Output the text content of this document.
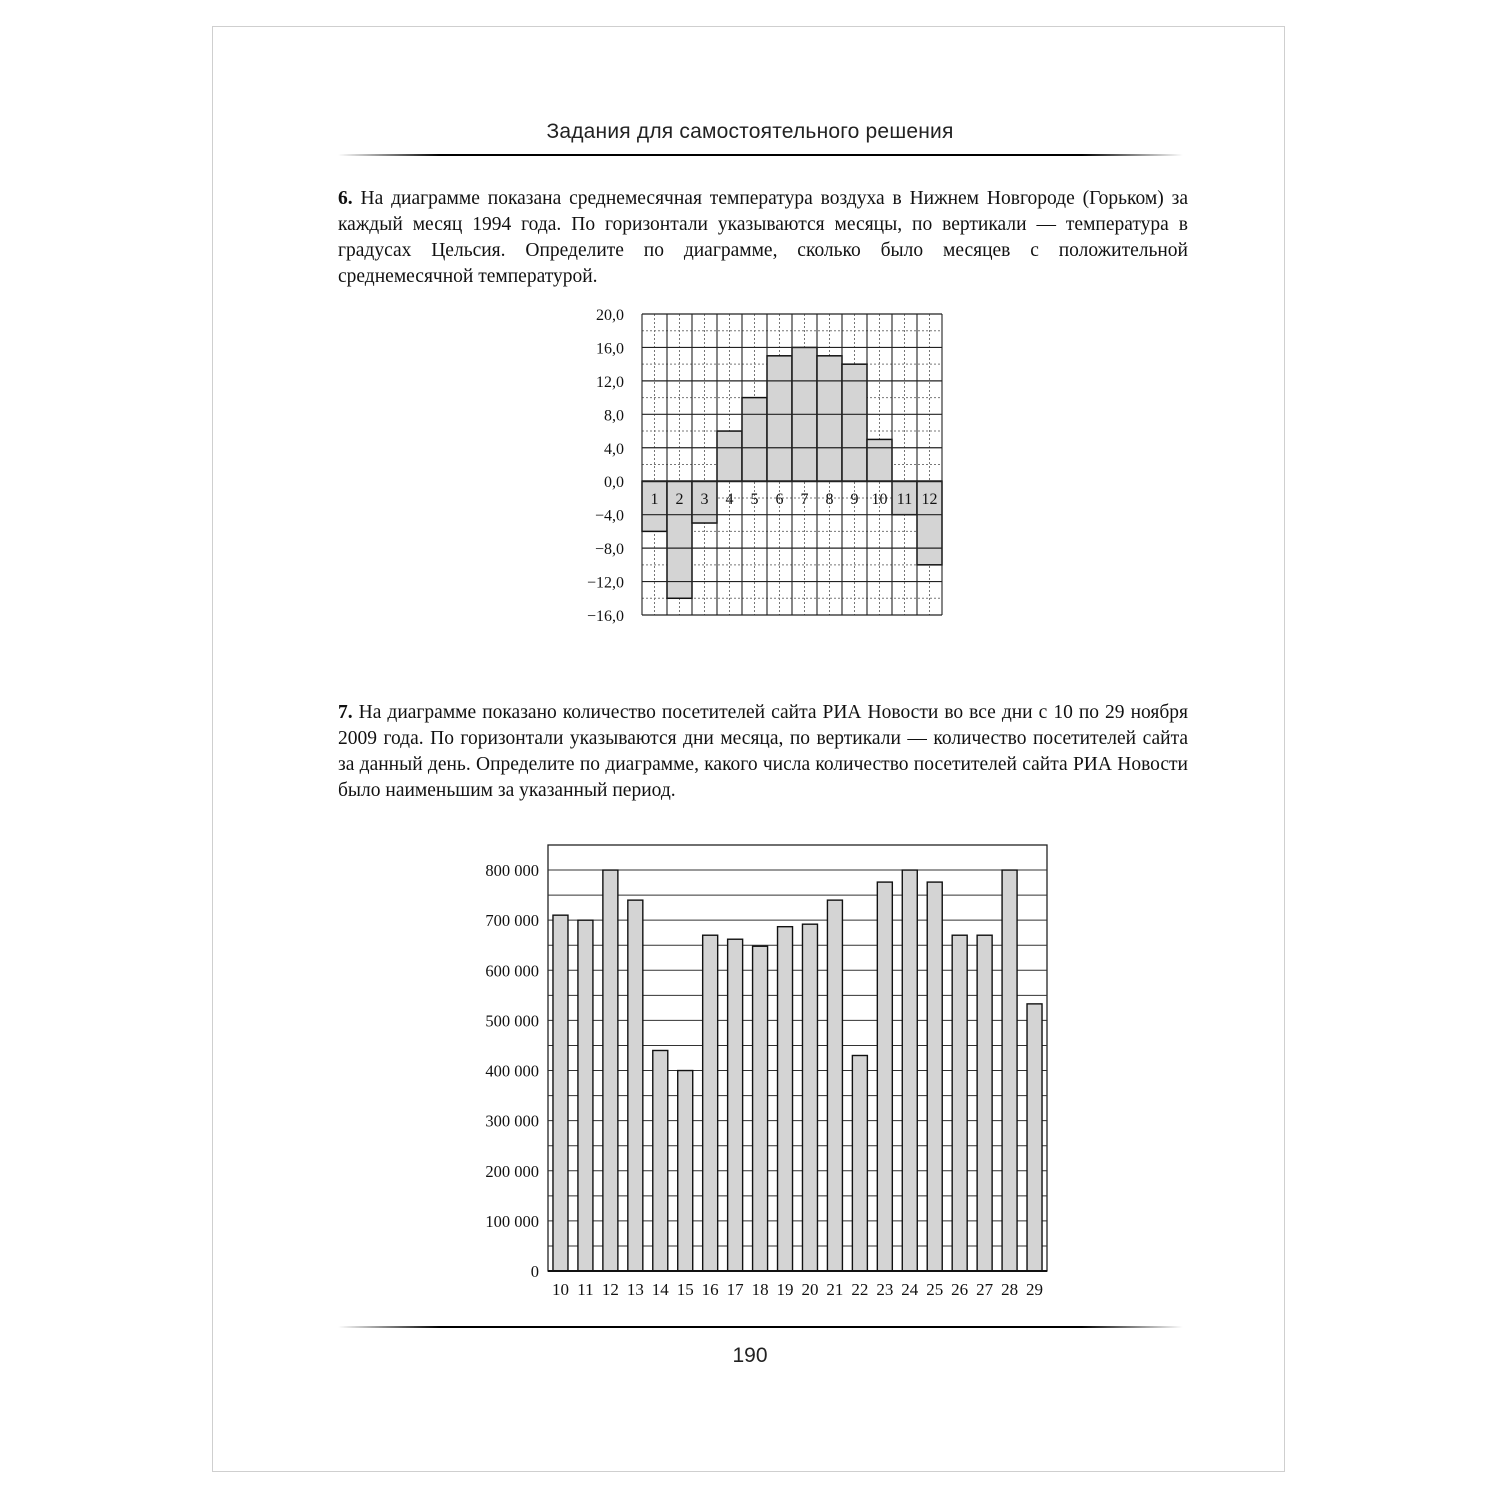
Задания для самостоятельного решения
6. На диаграмме показана среднемесячная температура воздуха в Нижнем Новгороде (Горьком) за каждый месяц 1994 года. По горизонтали указываются месяцы, по вертикали — температура в градусах Цельсия. Определите по диаграмме, сколько было месяцев с положительной среднемесячной температурой.
20,0
16,0
12,0
8,0
4,0
0,0
−4,0
−8,0
−12,0
−16,0
1 2 3 4 5 6 7 8 9 10 11 12
7. На диаграмме показано количество посетителей сайта РИА Новости во все дни с 10 по 29 ноября 2009 года. По горизонтали указываются дни месяца, по вертикали — количество посетителей сайта за данный день. Определите по диаграмме, какого числа количество посетителей сайта РИА Новости было наименьшим за указанный период.
800 000
700 000
600 000
500 000
400 000
300 000
200 000
100 000
0
10 11 12 13 14 15 16 17 18 19 20 21 22 23 24 25 26 27 28 29
190
